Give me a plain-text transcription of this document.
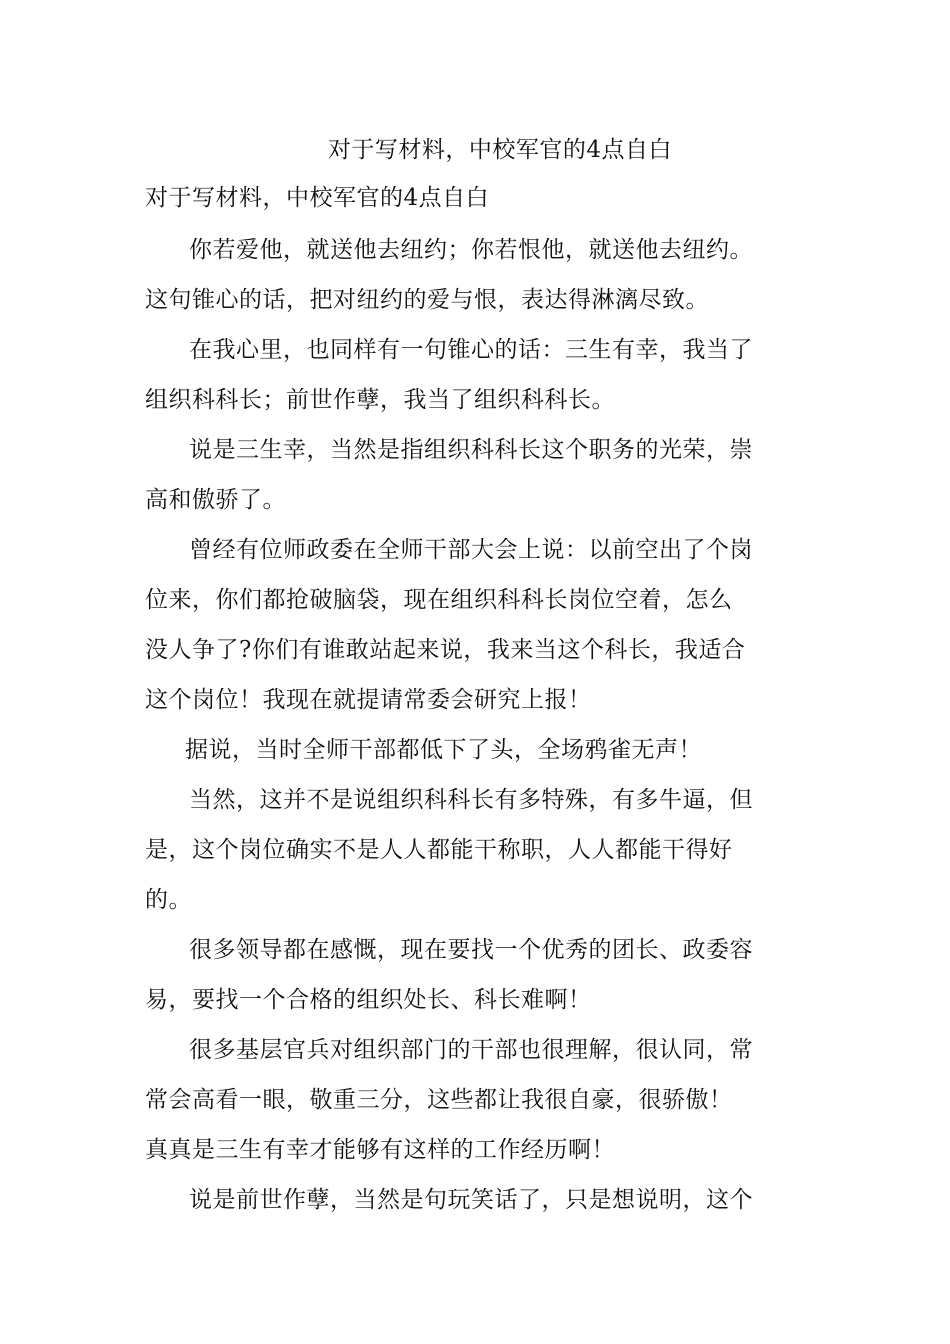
对于写材料，中校军官的4点自白
对于写材料，中校军官的4点自白
你若爱他，就送他去纽约；你若恨他，就送他去纽约。
这句锥心的话，把对纽约的爱与恨，表达得淋漓尽致。
在我心里，也同样有一句锥心的话：三生有幸，我当了
组织科科长；前世作孽，我当了组织科科长。
说是三生幸，当然是指组织科科长这个职务的光荣，崇
高和傲骄了。
曾经有位师政委在全师干部大会上说：以前空出了个岗
位来，你们都抢破脑袋，现在组织科科长岗位空着，怎么
没人争了?你们有谁敢站起来说，我来当这个科长，我适合
这个岗位！我现在就提请常委会研究上报！
据说，当时全师干部都低下了头，全场鸦雀无声！
当然，这并不是说组织科科长有多特殊，有多牛逼，但
是，这个岗位确实不是人人都能干称职，人人都能干得好
的。
很多领导都在感慨，现在要找一个优秀的团长、政委容
易，要找一个合格的组织处长、科长难啊！
很多基层官兵对组织部门的干部也很理解，很认同，常
常会高看一眼，敬重三分，这些都让我很自豪，很骄傲！
真真是三生有幸才能够有这样的工作经历啊！
说是前世作孽，当然是句玩笑话了，只是想说明，这个
